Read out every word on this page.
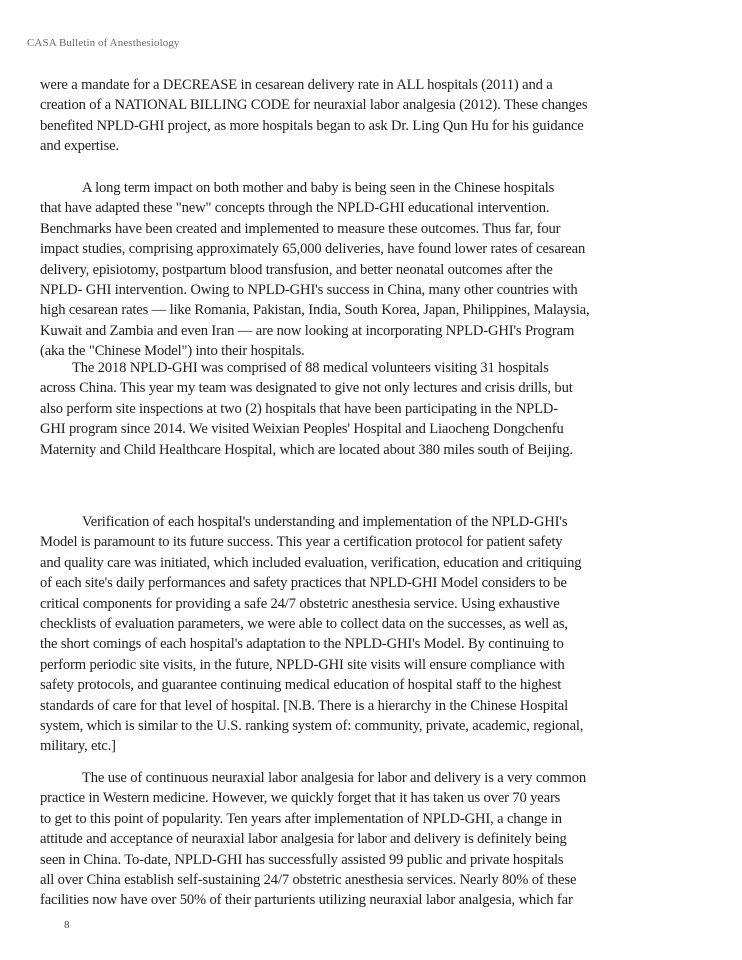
CASA Bulletin of Anesthesiology
were a mandate for a DECREASE in cesarean delivery rate in ALL hospitals (2011) and a
creation of a NATIONAL BILLING CODE for neuraxial labor analgesia (2012). These changes
benefited NPLD-GHI project, as more hospitals began to ask Dr. Ling Qun Hu for his guidance
and expertise.
A long term impact on both mother and baby is being seen in the Chinese hospitals
that have adapted these "new" concepts through the NPLD-GHI educational intervention.
Benchmarks have been created and implemented to measure these outcomes. Thus far, four
impact studies, comprising approximately 65,000 deliveries, have found lower rates of cesarean
delivery, episiotomy, postpartum blood transfusion, and better neonatal outcomes after the
NPLD- GHI intervention. Owing to NPLD-GHI's success in China, many other countries with
high cesarean rates — like Romania, Pakistan, India, South Korea, Japan, Philippines, Malaysia,
Kuwait and Zambia and even Iran — are now looking at incorporating NPLD-GHI's Program
(aka the "Chinese Model") into their hospitals.
The 2018 NPLD-GHI was comprised of 88 medical volunteers visiting 31 hospitals
across China. This year my team was designated to give not only lectures and crisis drills, but
also perform site inspections at two (2) hospitals that have been participating in the NPLD-
GHI program since 2014. We visited Weixian Peoples' Hospital and Liaocheng Dongchenfu
Maternity and Child Healthcare Hospital, which are located about 380 miles south of Beijing.
Verification of each hospital's understanding and implementation of the NPLD-GHI's
Model is paramount to its future success. This year a certification protocol for patient safety
and quality care was initiated, which included evaluation, verification, education and critiquing
of each site's daily performances and safety practices that NPLD-GHI Model considers to be
critical components for providing a safe 24/7 obstetric anesthesia service. Using exhaustive
checklists of evaluation parameters, we were able to collect data on the successes, as well as,
the short comings of each hospital's adaptation to the NPLD-GHI's Model. By continuing to
perform periodic site visits, in the future, NPLD-GHI site visits will ensure compliance with
safety protocols, and guarantee continuing medical education of hospital staff to the highest
standards of care for that level of hospital. [N.B. There is a hierarchy in the Chinese Hospital
system, which is similar to the U.S. ranking system of: community, private, academic, regional,
military, etc.]
The use of continuous neuraxial labor analgesia for labor and delivery is a very common
practice in Western medicine. However, we quickly forget that it has taken us over 70 years
to get to this point of popularity. Ten years after implementation of NPLD-GHI, a change in
attitude and acceptance of neuraxial labor analgesia for labor and delivery is definitely being
seen in China. To-date, NPLD-GHI has successfully assisted 99 public and private hospitals
all over China establish self-sustaining 24/7 obstetric anesthesia services. Nearly 80% of these
facilities now have over 50% of their parturients utilizing neuraxial labor analgesia, which far
8
